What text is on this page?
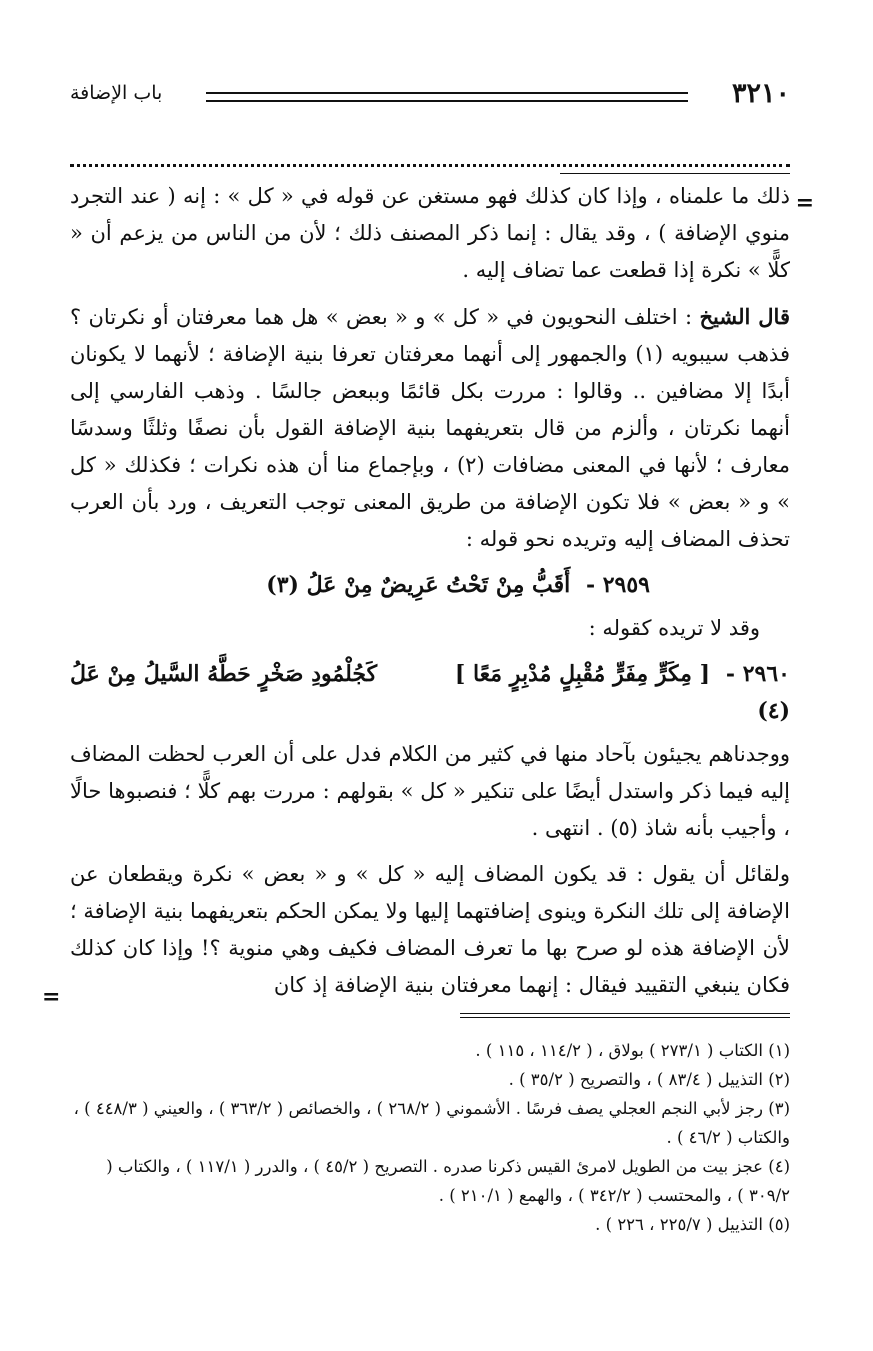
٣٢١٠
باب الإضافة
=

ذلك ما علمناه ، وإذا كان كذلك فهو مستغن عن قوله في « كل » : إنه ( عند التجرد منوي الإضافة ) ، وقد يقال : إنما ذكر المصنف ذلك ؛ لأن من الناس من يزعم أن « كلًّا » نكرة إذا قطعت عما تضاف إليه .

قال الشيخ : اختلف النحويون في « كل » و « بعض » هل هما معرفتان أو نكرتان ؟ فذهب سيبويه (١) والجمهور إلى أنهما معرفتان تعرفا بنية الإضافة ؛ لأنهما لا يكونان أبدًا إلا مضافين .. وقالوا : مررت بكل قائمًا وببعض جالسًا . وذهب الفارسي إلى أنهما نكرتان ، وألزم من قال بتعريفهما بنية الإضافة القول بأن نصفًا وثلثًا وسدسًا معارف ؛ لأنها في المعنى مضافات (٢) ، وبإجماع منا أن هذه نكرات ؛ فكذلك « كل » و « بعض » فلا تكون الإضافة من طريق المعنى توجب التعريف ، ورد بأن العرب تحذف المضاف إليه وتريده نحو قوله :

٢٩٥٩ - أَقَبُّ مِنْ تَحْتُ عَرِيضٌ مِنْ عَلُ (٣)

وقد لا تريده كقوله :

٢٩٦٠ - [ مِكَرٍّ مِفَرٍّ مُقْبِلٍ مُدْبِرٍ مَعًا ] كَجُلْمُودِ صَخْرٍ حَطَّهُ السَّيلُ مِنْ عَلُ (٤)

ووجدناهم يجيئون بآحاد منها في كثير من الكلام فدل على أن العرب لحظت المضاف إليه فيما ذكر واستدل أيضًا على تنكير « كل » بقولهم : مررت بهم كلًّا ؛ فنصبوها حالًا ، وأجيب بأنه شاذ (٥) . انتهى .

ولقائل أن يقول : قد يكون المضاف إليه « كل » و « بعض » نكرة ويقطعان عن الإضافة إلى تلك النكرة وينوى إضافتهما إليها ولا يمكن الحكم بتعريفهما بنية الإضافة ؛ لأن الإضافة هذه لو صرح بها ما تعرف المضاف فكيف وهي منوية ؟! وإذا كان كذلك فكان ينبغي التقييد فيقال : إنهما معرفتان بنية الإضافة إذ كان

=
(١) الكتاب ( ٢٧٣/١ ) بولاق ، ( ١١٤/٢ ، ١١٥ ) .
(٢) التذييل ( ٨٣/٤ ) ، والتصريح ( ٣٥/٢ ) .
(٣) رجز لأبي النجم العجلي يصف فرسًا . الأشموني ( ٢٦٨/٢ ) ، والخصائص ( ٣٦٣/٢ ) ، والعيني ( ٤٤٨/٣ ) ، والكتاب ( ٤٦/٢ ) .
(٤) عجز بيت من الطويل لامرئ القيس ذكرنا صدره . التصريح ( ٤٥/٢ ) ، والدرر ( ١١٧/١ ) ، والكتاب ( ٣٠٩/٢ ) ، والمحتسب ( ٣٤٢/٢ ) ، والهمع ( ٢١٠/١ ) .
(٥) التذييل ( ٢٢٥/٧ ، ٢٢٦ ) .
